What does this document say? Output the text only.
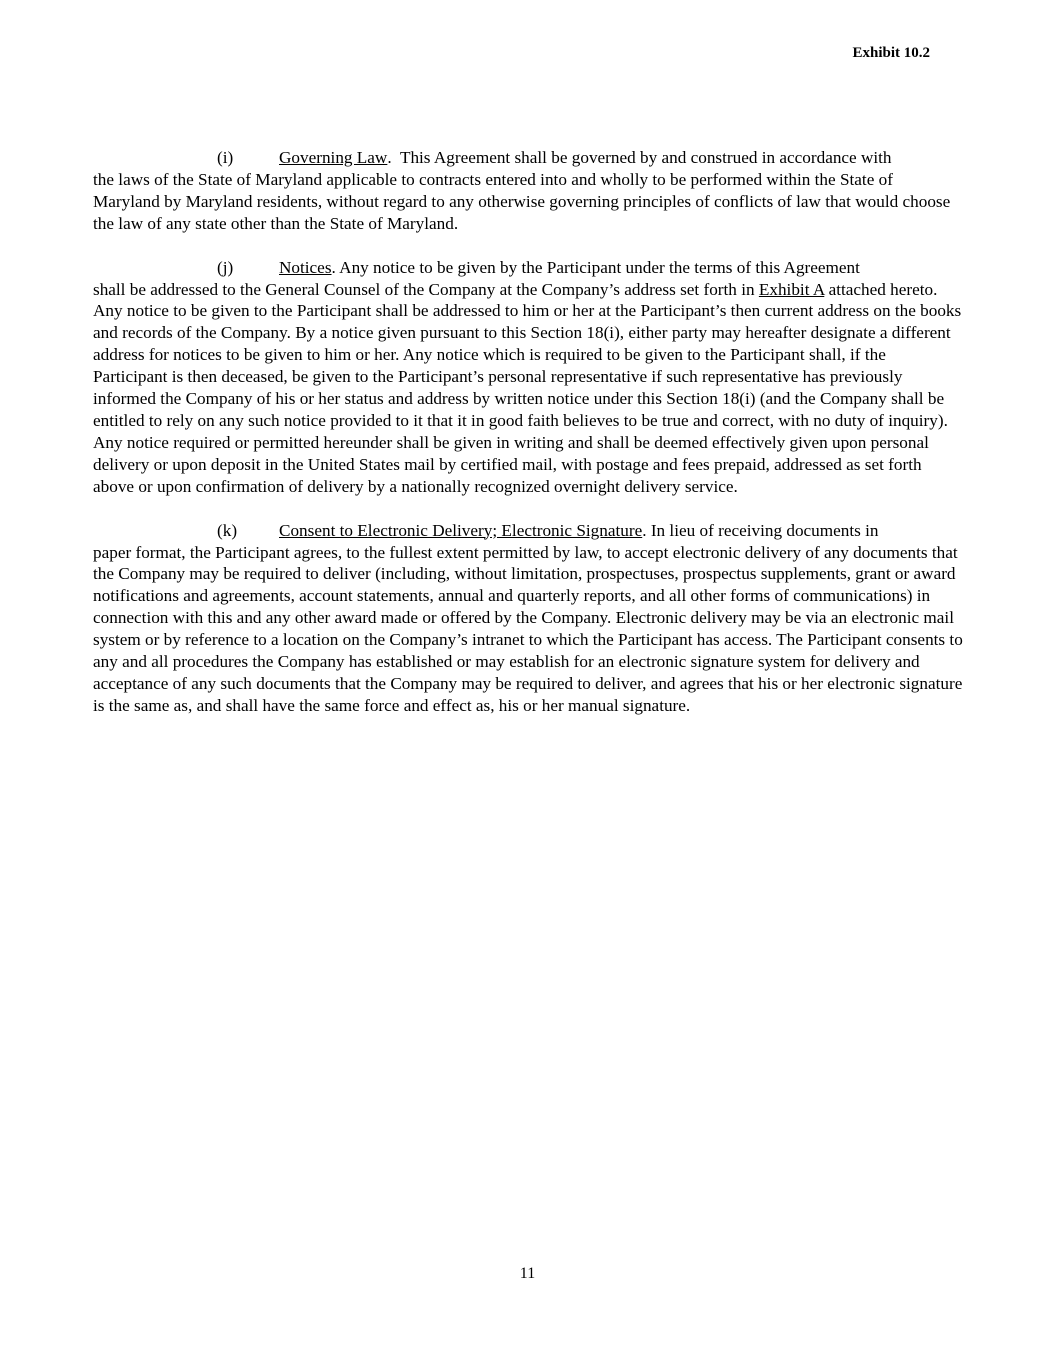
Exhibit 10.2
(i)	Governing Law .  This Agreement shall be governed by and construed in accordance with
the laws of the State of Maryland applicable to contracts entered into and wholly to be performed within the State of Maryland by Maryland residents, without regard to any otherwise governing principles of conflicts of law that would choose the law of any state other than the State of Maryland.
(j)	Notices . Any notice to be given by the Participant under the terms of this Agreement
shall be addressed to the General Counsel of the Company at the Company’s address set forth in Exhibit A attached hereto. Any notice to be given to the Participant shall be addressed to him or her at the Participant’s then current address on the books and records of the Company. By a notice given pursuant to this Section 18(i), either party may hereafter designate a different address for notices to be given to him or her. Any notice which is required to be given to the Participant shall, if the Participant is then deceased, be given to the Participant’s personal representative if such representative has previously informed the Company of his or her status and address by written notice under this Section 18(i) (and the Company shall be entitled to rely on any such notice provided to it that it in good faith believes to be true and correct, with no duty of inquiry). Any notice required or permitted hereunder shall be given in writing and shall be deemed effectively given upon personal delivery or upon deposit in the United States mail by certified mail, with postage and fees prepaid, addressed as set forth above or upon confirmation of delivery by a nationally recognized overnight delivery service.
(k)	Consent to Electronic Delivery; Electronic Signature . In lieu of receiving documents in
paper format, the Participant agrees, to the fullest extent permitted by law, to accept electronic delivery of any documents that the Company may be required to deliver (including, without limitation, prospectuses, prospectus supplements, grant or award notifications and agreements, account statements, annual and quarterly reports, and all other forms of communications) in connection with this and any other award made or offered by the Company. Electronic delivery may be via an electronic mail system or by reference to a location on the Company’s intranet to which the Participant has access. The Participant consents to any and all procedures the Company has established or may establish for an electronic signature system for delivery and acceptance of any such documents that the Company may be required to deliver, and agrees that his or her electronic signature is the same as, and shall have the same force and effect as, his or her manual signature.
11
